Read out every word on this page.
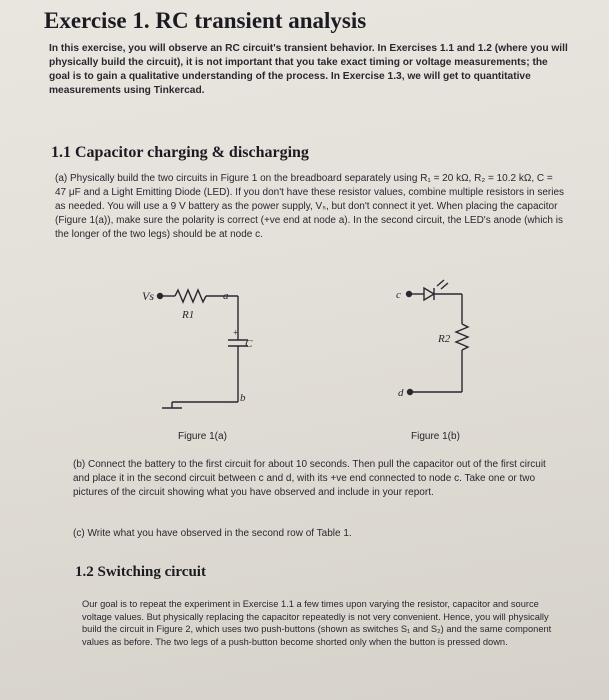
Exercise 1. RC transient analysis
In this exercise, you will observe an RC circuit's transient behavior. In Exercises 1.1 and 1.2 (where you will physically build the circuit), it is not important that you take exact timing or voltage measurements; the goal is to gain a qualitative understanding of the process. In Exercise 1.3, we will get to quantitative measurements using Tinkercad.
1.1 Capacitor charging & discharging
(a) Physically build the two circuits in Figure 1 on the breadboard separately using R₁ = 20 kΩ, R₂ = 10.2 kΩ, C = 47 μF and a Light Emitting Diode (LED). If you don't have these resistor values, combine multiple resistors in series as needed. You will use a 9 V battery as the power supply, Vₛ, but don't connect it yet. When placing the capacitor (Figure 1(a)), make sure the polarity is correct (+ve end at node a). In the second circuit, the LED's anode (which is the longer of the two legs) should be at node c.
Vs
R1
a
+
C
b
c
R2
d
Figure 1(a)	Figure 1(b)
(b) Connect the battery to the first circuit for about 10 seconds. Then pull the capacitor out of the first circuit and place it in the second circuit between c and d, with its +ve end connected to node c. Take one or two pictures of the circuit showing what you have observed and include in your report.
(c) Write what you have observed in the second row of Table 1.
1.2 Switching circuit
Our goal is to repeat the experiment in Exercise 1.1 a few times upon varying the resistor, capacitor and source voltage values. But physically replacing the capacitor repeatedly is not very convenient. Hence, you will physically build the circuit in Figure 2, which uses two push-buttons (shown as switches S₁ and S₂) and the same component values as before. The two legs of a push-button become shorted only when the button is pressed down.
